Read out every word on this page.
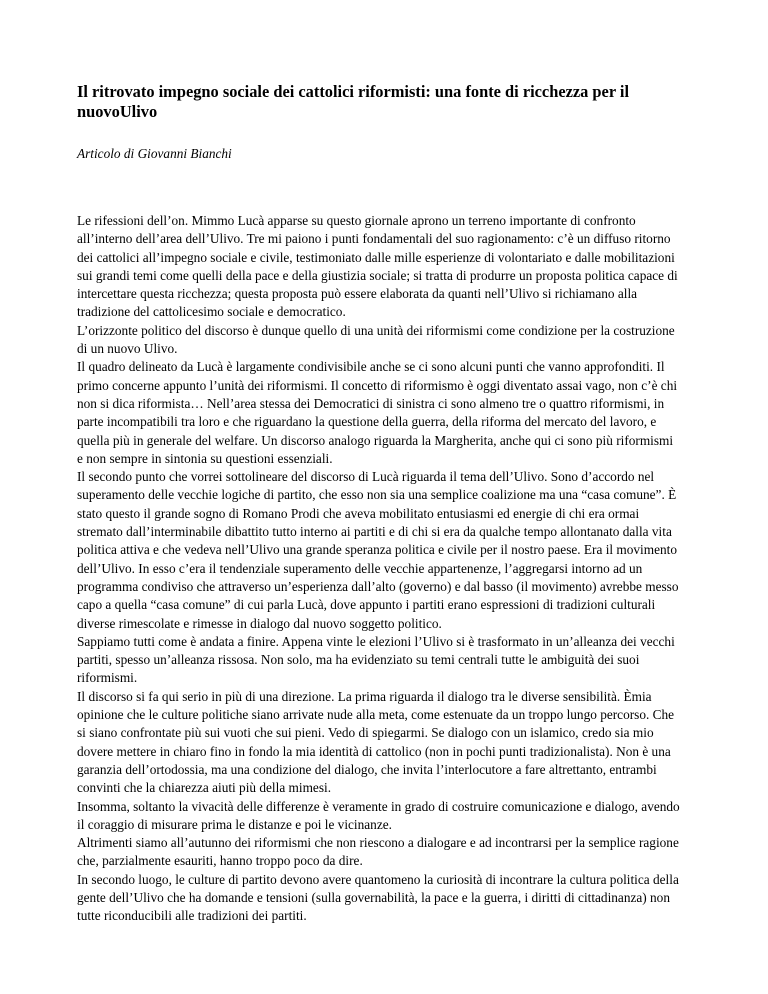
Il ritrovato impegno sociale dei cattolici riformisti: una fonte di ricchezza per il nuovoUlivo

Articolo di Giovanni Bianchi

Le rifessioni dell’on. Mimmo Lucà apparse su questo giornale aprono un terreno importante di confronto all’interno dell’area dell’Ulivo. Tre mi paiono i punti fondamentali del suo ragionamento: c’è un diffuso ritorno dei cattolici all’impegno sociale e civile, testimoniato dalle mille esperienze di volontariato e dalle mobilitazioni sui grandi temi come quelli della pace e della giustizia sociale; si tratta di produrre un proposta politica capace di intercettare questa ricchezza; questa proposta può essere elaborata da quanti nell’Ulivo si richiamano alla tradizione del cattolicesimo sociale e democratico.

L’orizzonte politico del discorso è dunque quello di una unità dei riformismi come condizione per la costruzione di un nuovo Ulivo.

Il quadro delineato da Lucà è largamente condivisibile anche se ci sono alcuni punti che vanno approfonditi. Il primo concerne appunto l’unità dei riformismi. Il concetto di riformismo è oggi diventato assai vago, non c’è chi non si dica riformista… Nell’area stessa dei Democratici di sinistra ci sono almeno tre o quattro riformismi, in parte incompatibili tra loro e che riguardano la questione della guerra, della riforma del mercato del lavoro, e quella più in generale del welfare. Un discorso analogo riguarda la Margherita, anche qui ci sono più riformismi e non sempre in sintonia su questioni essenziali.

Il secondo punto che vorrei sottolineare del discorso di Lucà riguarda il tema dell’Ulivo. Sono d’accordo nel superamento delle vecchie logiche di partito, che esso non sia una semplice coalizione ma una “casa comune”. È stato questo il grande sogno di Romano Prodi che aveva mobilitato entusiasmi ed energie di chi era ormai stremato dall’interminabile dibattito tutto interno ai partiti e di chi si era da qualche tempo allontanato dalla vita politica attiva e che vedeva nell’Ulivo una grande speranza politica e civile per il nostro paese. Era il movimento dell’Ulivo. In esso c’era il tendenziale superamento delle vecchie appartenenze, l’aggregarsi intorno ad un programma condiviso che attraverso un’esperienza dall’alto (governo) e dal basso (il movimento) avrebbe messo capo a quella “casa comune” di cui parla Lucà, dove appunto i partiti erano espressioni di tradizioni culturali diverse rimescolate e rimesse in dialogo dal nuovo soggetto politico.

Sappiamo tutti come è andata a finire. Appena vinte le elezioni l’Ulivo si è trasformato in un’alleanza dei vecchi partiti, spesso un’alleanza rissosa. Non solo, ma ha evidenziato su temi centrali tutte le ambiguità dei suoi riformismi.

Il discorso si fa qui serio in più di una direzione. La prima riguarda il dialogo tra le diverse sensibilità. Èmia opinione che le culture politiche siano arrivate nude alla meta, come estenuate da un troppo lungo percorso. Che si siano confrontate più sui vuoti che sui pieni. Vedo di spiegarmi. Se dialogo con un islamico, credo sia mio dovere mettere in chiaro fino in fondo la mia identità di cattolico (non in pochi punti tradizionalista). Non è una garanzia dell’ortodossia, ma una condizione del dialogo, che invita l’interlocutore a fare altrettanto, entrambi convinti che la chiarezza aiuti più della mimesi.

Insomma, soltanto la vivacità delle differenze è veramente in grado di costruire comunicazione e dialogo, avendo il coraggio di misurare prima le distanze e poi le vicinanze.

Altrimenti siamo all’autunno dei riformismi che non riescono a dialogare e ad incontrarsi per la semplice ragione che, parzialmente esauriti, hanno troppo poco da dire.

In secondo luogo, le culture di partito devono avere quantomeno la curiosità di incontrare la cultura politica della gente dell’Ulivo che ha domande e tensioni (sulla governabilità, la pace e la guerra, i diritti di cittadinanza) non tutte riconducibili alle tradizioni dei partiti.
